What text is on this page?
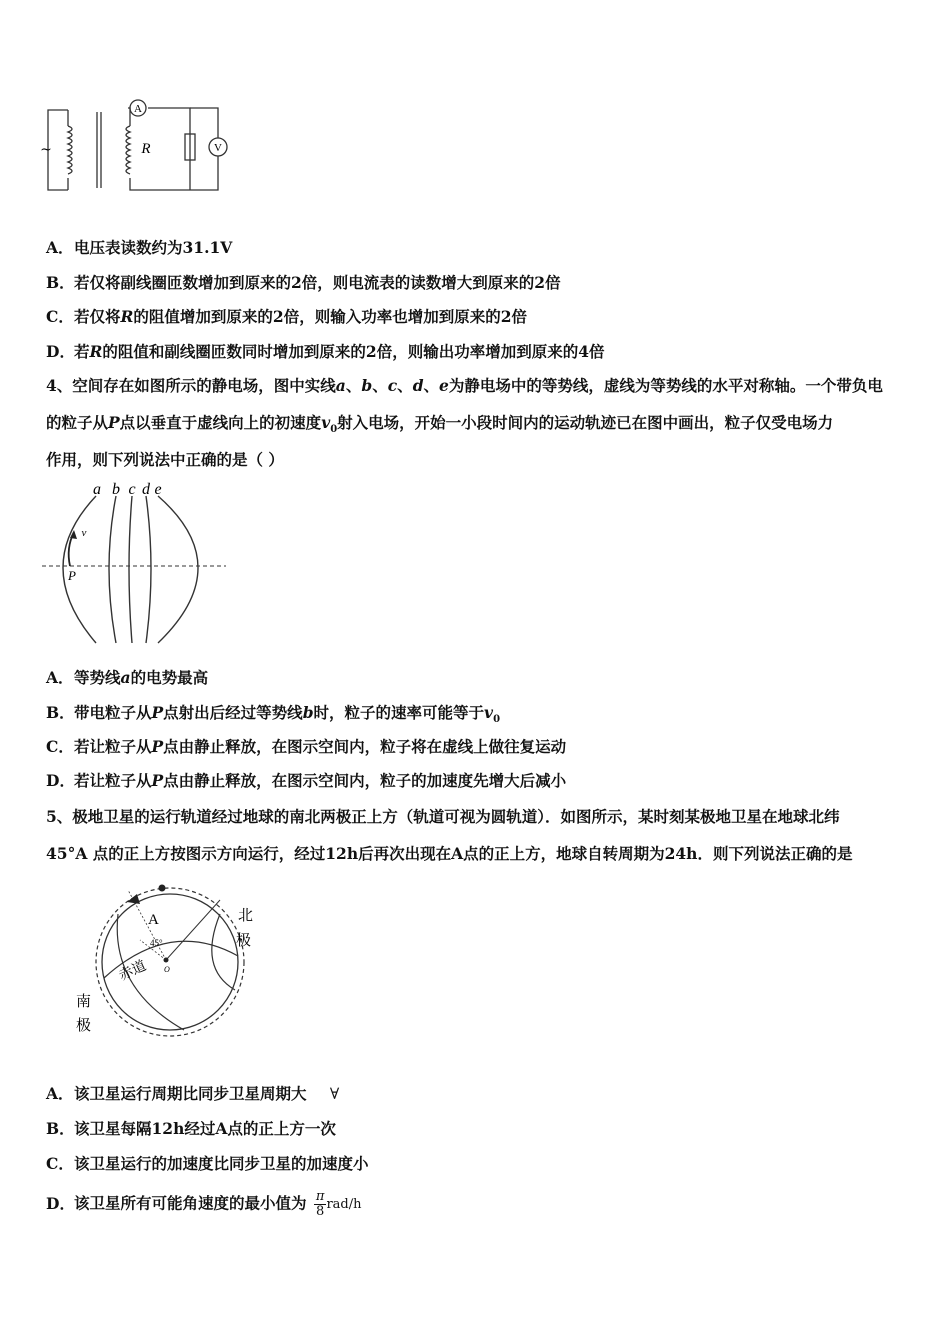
A
R	V
~
A．电压表读数约为31.1V
B．若仅将副线圈匝数增加到原来的2倍，则电流表的读数增大到原来的2倍
C．若仅将R的阻值增加到原来的2倍，则输入功率也增加到原来的2倍
D．若R的阻值和副线圈匝数同时增加到原来的2倍，则输出功率增加到原来的4倍
4、空间存在如图所示的静电场，图中实线a、b、c、d、e为静电场中的等势线，虚线为等势线的水平对称轴。一个带负电
的粒子从P点以垂直于虚线向上的初速度$v_0$射入电场，开始一小段时间内的运动轨迹已在图中画出，粒子仅受电场力
作用，则下列说法中正确的是（ ）
a b c d e
P
v
A．等势线a的电势最高
B．带电粒子从P点射出后经过等势线b时，粒子的速率可能等于$v_0$
C．若让粒子从P点由静止释放，在图示空间内，粒子将在虚线上做往复运动
D．若让粒子从P点由静止释放，在图示空间内，粒子的加速度先增大后减小
5、极地卫星的运行轨道经过地球的南北两极正上方（轨道可视为圆轨道）．如图所示，某时刻某极地卫星在地球北纬
45°A 点的正上方按图示方向运行，经过12h后再次出现在A点的正上方，地球自转周期为24h．则下列说法正确的是
A
45°
O
北
极
赤道
南
极
A．该卫星运行周期比同步卫星周期大 ∀
B．该卫星每隔12h经过A点的正上方一次
C．该卫星运行的加速度比同步卫星的加速度小
D．该卫星所有可能角速度的最小值为 $\frac{\pi}{8} rad/h$
